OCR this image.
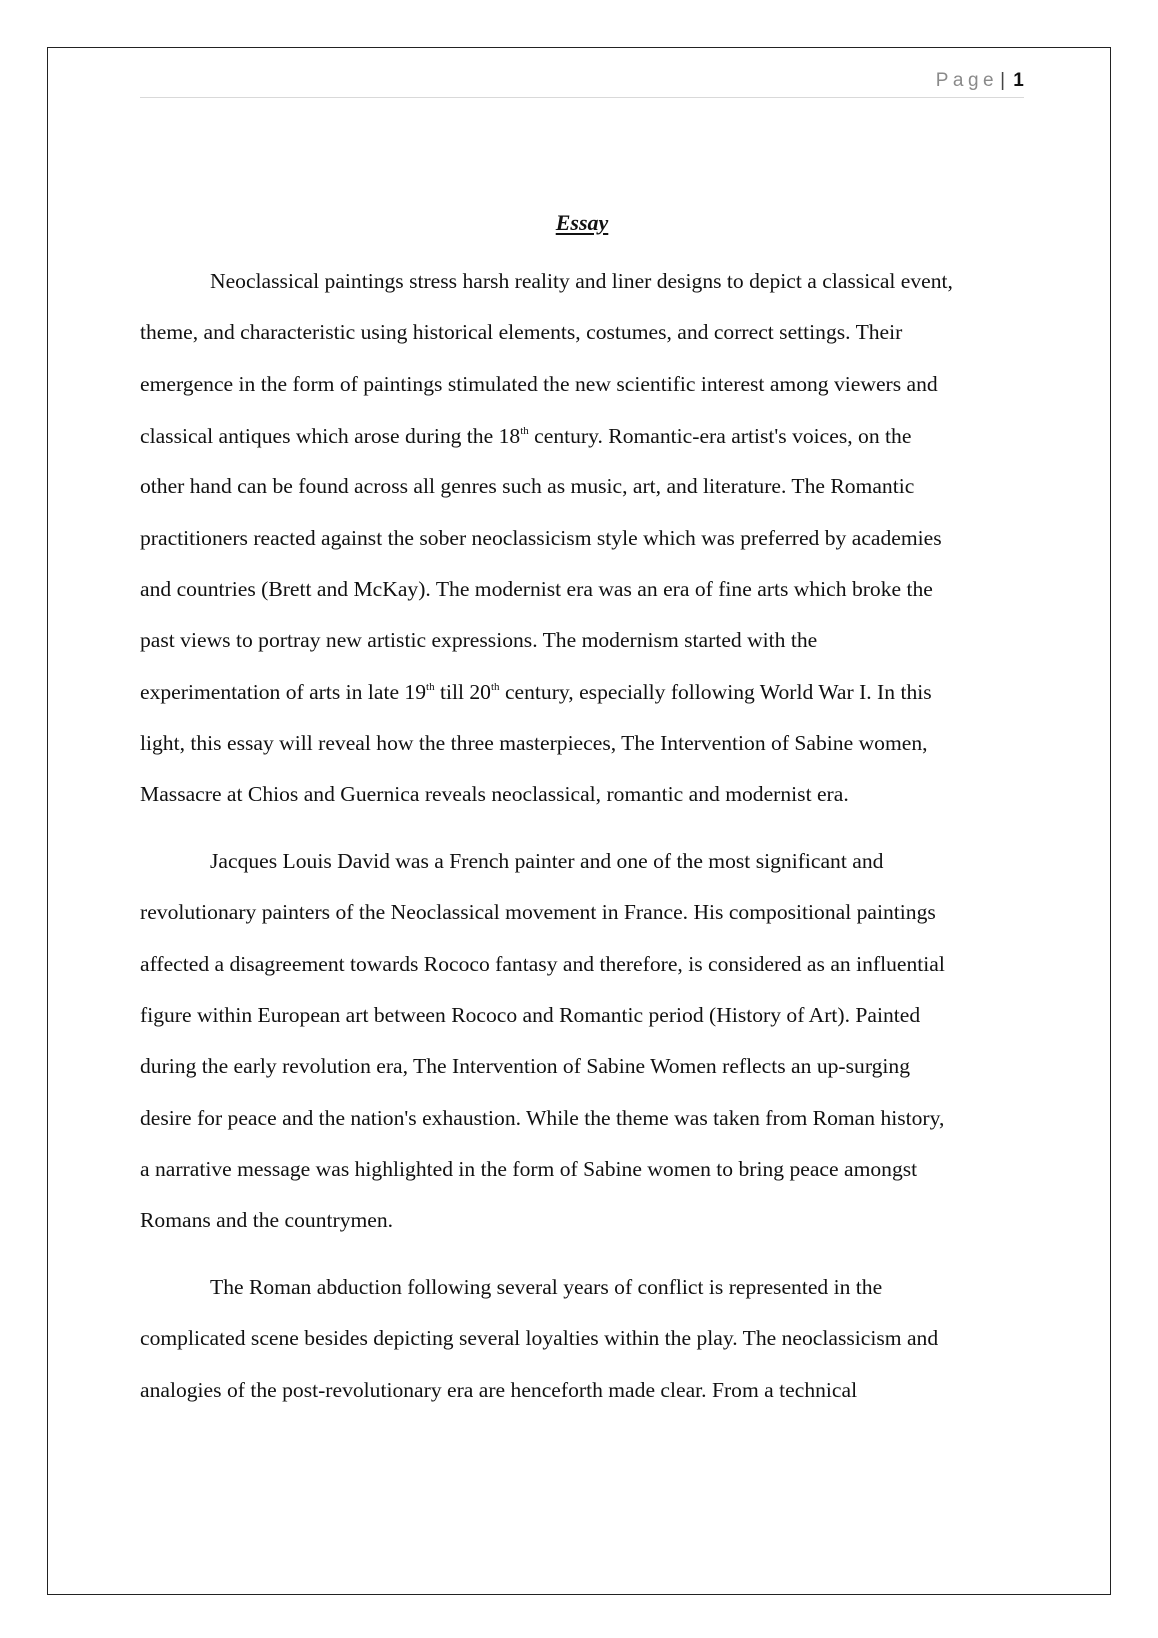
Page | 1
Essay
Neoclassical paintings stress harsh reality and liner designs to depict a classical event,
theme, and characteristic using historical elements, costumes, and correct settings. Their
emergence in the form of paintings stimulated the new scientific interest among viewers and
classical antiques which arose during the 18th century. Romantic-era artist's voices, on the
other hand can be found across all genres such as music, art, and literature. The Romantic
practitioners reacted against the sober neoclassicism style which was preferred by academies
and countries (Brett and McKay). The modernist era was an era of fine arts which broke the
past views to portray new artistic expressions. The modernism started with the
experimentation of arts in late 19th till 20th century, especially following World War I. In this
light, this essay will reveal how the three masterpieces, The Intervention of Sabine women,
Massacre at Chios and Guernica reveals neoclassical, romantic and modernist era.
Jacques Louis David was a French painter and one of the most significant and
revolutionary painters of the Neoclassical movement in France. His compositional paintings
affected a disagreement towards Rococo fantasy and therefore, is considered as an influential
figure within European art between Rococo and Romantic period (History of Art). Painted
during the early revolution era, The Intervention of Sabine Women reflects an up-surging
desire for peace and the nation's exhaustion. While the theme was taken from Roman history,
a narrative message was highlighted in the form of Sabine women to bring peace amongst
Romans and the countrymen.
The Roman abduction following several years of conflict is represented in the
complicated scene besides depicting several loyalties within the play. The neoclassicism and
analogies of the post-revolutionary era are henceforth made clear. From a technical
